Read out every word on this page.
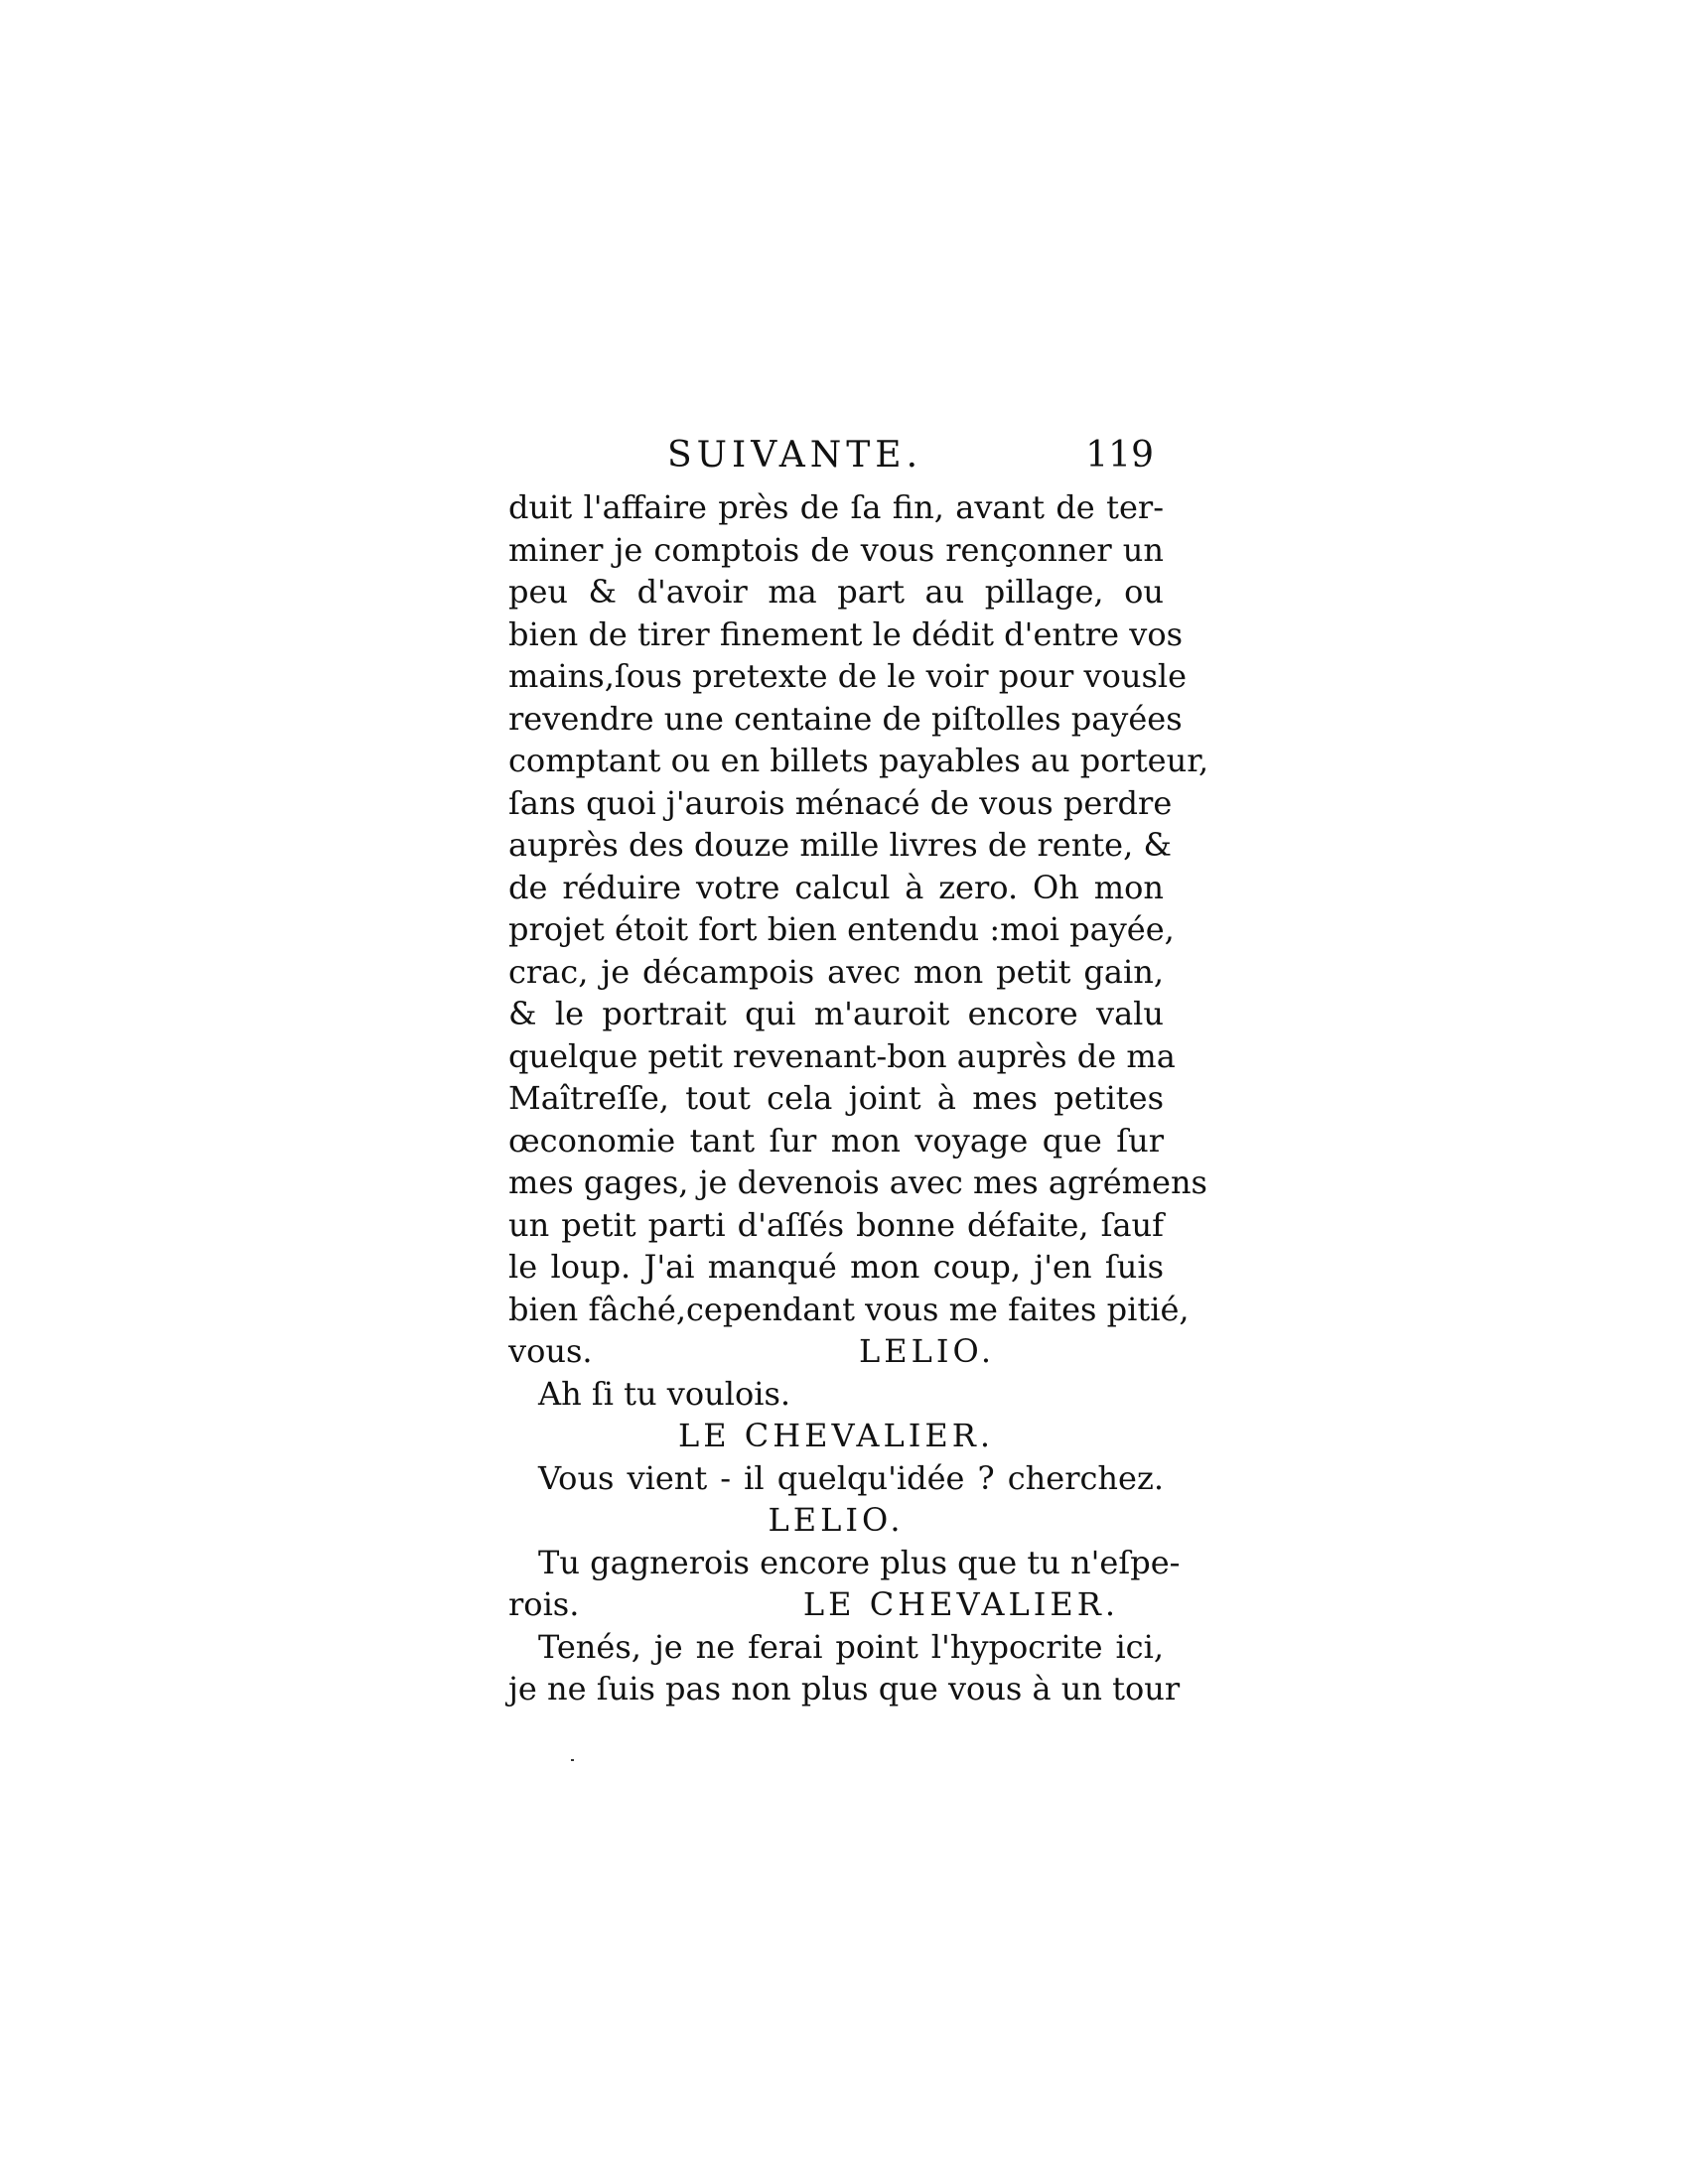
SUIVANTE.	119
duit l'affaire près de ſa fin, avant de ter-
miner je comptois de vous rençonner un
peu & d'avoir ma part au pillage, ou
bien de tirer finement le dédit d'entre vos
mains,ſous pretexte de le voir pour vousle
revendre une centaine de piſtolles payées
comptant ou en billets payables au porteur,
ſans quoi j'aurois ménacé de vous perdre
auprès des douze mille livres de rente, &
de réduire votre calcul à zero. Oh mon
projet étoit fort bien entendu :moi payée,
crac, je décampois avec mon petit gain,
& le portrait qui m'auroit encore valu
quelque petit revenant-bon auprès de ma
Maîtreſſe, tout cela joint à mes petites
œconomie tant ſur mon voyage que ſur
mes gages, je devenois avec mes agrémens
un petit parti d'aſſés bonne défaite, ſauf
le loup. J'ai manqué mon coup, j'en ſuis
bien fâché,cependant vous me faites pitié,
vous.	LELIO.
Ah ſi tu voulois.
LE CHEVALIER.
Vous vient - il quelqu'idée ? cherchez.
LELIO.
Tu gagnerois encore plus que tu n'eſpe-
rois.	LE CHEVALIER.
Tenés, je ne ferai point l'hypocrite ici,
je ne ſuis pas non plus que vous à un tour
